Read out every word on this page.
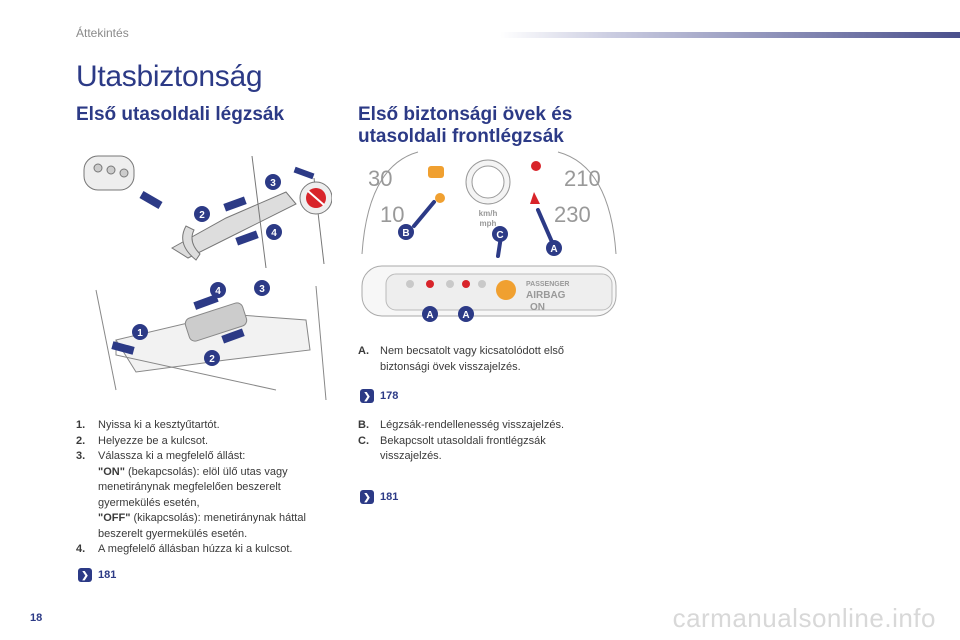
Áttekintés
Utasbiztonság
Első utasoldali légzsák	Első biztonsági övek és
utasoldali frontlégzsák
2
3
4
1
2
3
4
1.	Nyissa ki a kesztyűtartót.
2.	Helyezze be a kulcsot.
3.	Válassza ki a megfelelő állást:
"ON" (bekapcsolás): elöl ülő utas vagy
menetiránynak megfelelően beszerelt
gyermekülés esetén,
"OFF" (kikapcsolás): menetiránynak háttal
beszerelt gyermekülés esetén.
4.	A megfelelő állásban húzza ki a kulcsot.
❯ 181
30
10
210
230
km/h
mph
B	C
A
PASSENGER
AIRBAG
ON
A	A
A.	Nem becsatolt vagy kicsatolódott első
biztonsági övek visszajelzés.
❯ 178
B.	Légzsák-rendellenesség visszajelzés.
C.	Bekapcsolt utasoldali frontlégzsák
visszajelzés.
❯ 181
18	carmanualsonline.info
